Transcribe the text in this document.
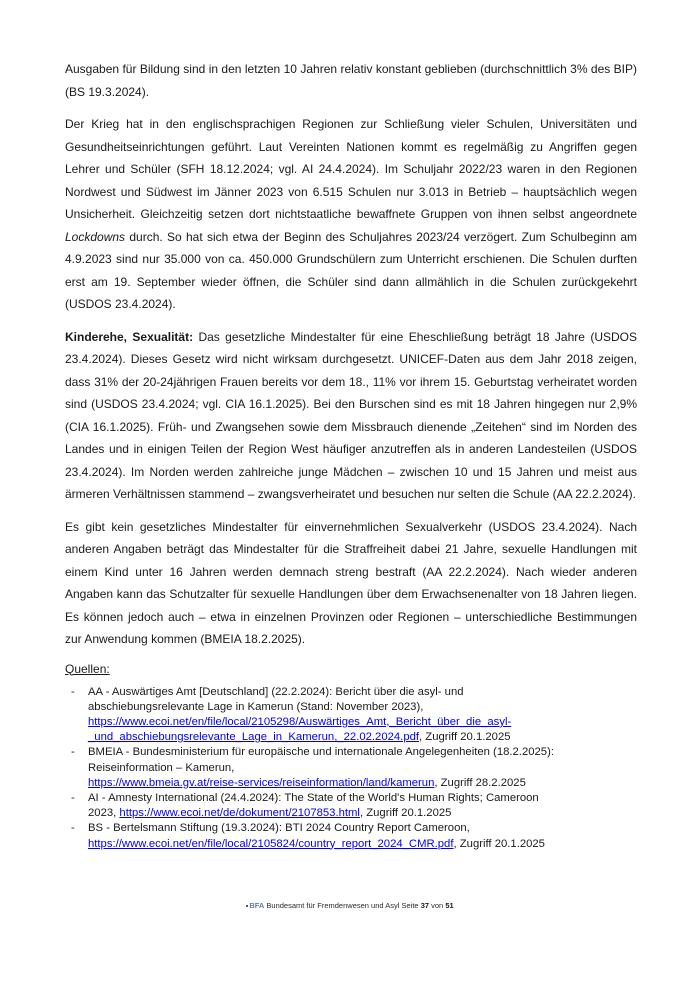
Ausgaben für Bildung sind in den letzten 10 Jahren relativ konstant geblieben (durchschnittlich 3% des BIP) (BS 19.3.2024).

Der Krieg hat in den englischsprachigen Regionen zur Schließung vieler Schulen, Universitäten und Gesundheitseinrichtungen geführt. Laut Vereinten Nationen kommt es regelmäßig zu Angriffen gegen Lehrer und Schüler (SFH 18.12.2024; vgl. AI 24.4.2024). Im Schuljahr 2022/23 waren in den Regionen Nordwest und Südwest im Jänner 2023 von 6.515 Schulen nur 3.013 in Betrieb – hauptsächlich wegen Unsicherheit. Gleichzeitig setzen dort nichtstaatliche bewaffnete Gruppen von ihnen selbst angeordnete Lockdowns durch. So hat sich etwa der Beginn des Schuljahres 2023/24 verzögert. Zum Schulbeginn am 4.9.2023 sind nur 35.000 von ca. 450.000 Grundschülern zum Unterricht erschienen. Die Schulen durften erst am 19. September wieder öffnen, die Schüler sind dann allmählich in die Schulen zurückgekehrt (USDOS 23.4.2024).

Kinderehe, Sexualität: Das gesetzliche Mindestalter für eine Eheschließung beträgt 18 Jahre (USDOS 23.4.2024). Dieses Gesetz wird nicht wirksam durchgesetzt. UNICEF-Daten aus dem Jahr 2018 zeigen, dass 31% der 20-24jährigen Frauen bereits vor dem 18., 11% vor ihrem 15. Geburtstag verheiratet worden sind (USDOS 23.4.2024; vgl. CIA 16.1.2025). Bei den Burschen sind es mit 18 Jahren hingegen nur 2,9% (CIA 16.1.2025). Früh- und Zwangsehen sowie dem Missbrauch dienende „Zeitehen“ sind im Norden des Landes und in einigen Teilen der Region West häufiger anzutreffen als in anderen Landesteilen (USDOS 23.4.2024). Im Norden werden zahlreiche junge Mädchen – zwischen 10 und 15 Jahren und meist aus ärmeren Verhältnissen stammend – zwangsverheiratet und besuchen nur selten die Schule (AA 22.2.2024).

Es gibt kein gesetzliches Mindestalter für einvernehmlichen Sexualverkehr (USDOS 23.4.2024). Nach anderen Angaben beträgt das Mindestalter für die Straffreiheit dabei 21 Jahre, sexuelle Handlungen mit einem Kind unter 16 Jahren werden demnach streng bestraft (AA 22.2.2024). Nach wieder anderen Angaben kann das Schutzalter für sexuelle Handlungen über dem Erwachsenenalter von 18 Jahren liegen. Es können jedoch auch – etwa in einzelnen Provinzen oder Regionen – unterschiedliche Bestimmungen zur Anwendung kommen (BMEIA 18.2.2025).

Quellen:
-	AA - Auswärtiges Amt [Deutschland] (22.2.2024): Bericht über die asyl- und
abschiebungsrelevante Lage in Kamerun (Stand: November 2023),
https://www.ecoi.net/en/file/local/2105298/Auswärtiges_Amt,_Bericht_über_die_asyl-
_und_abschiebungsrelevante_Lage_in_Kamerun,_22.02.2024.pdf, Zugriff 20.1.2025
-	BMEIA - Bundesministerium für europäische und internationale Angelegenheiten (18.2.2025):
Reiseinformation – Kamerun,
https://www.bmeia.gv.at/reise-services/reiseinformation/land/kamerun, Zugriff 28.2.2025
-	AI - Amnesty International (24.4.2024): The State of the World's Human Rights; Cameroon
2023, https://www.ecoi.net/de/dokument/2107853.html, Zugriff 20.1.2025
-	BS - Bertelsmann Stiftung (19.3.2024): BTI 2024 Country Report Cameroon,
https://www.ecoi.net/en/file/local/2105824/country_report_2024_CMR.pdf, Zugriff 20.1.2025
BFA Bundesamt für Fremdenwesen und Asyl Seite 37 von 51
